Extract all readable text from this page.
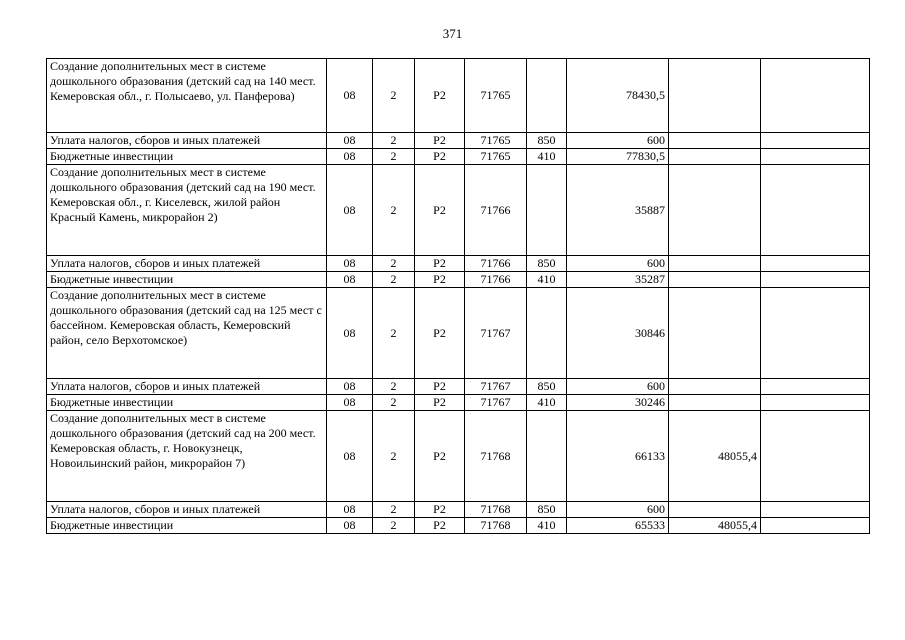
371
Создание дополнительных мест в системе дошкольного образования (детский сад на 140 мест. Кемеровская обл., г. Полысаево, ул. Панферова)	08	2	P2	71765		78430,5		
Уплата налогов, сборов и иных платежей	08	2	P2	71765	850	600		
Бюджетные инвестиции	08	2	P2	71765	410	77830,5		
Создание дополнительных мест в системе дошкольного образования (детский сад на 190 мест. Кемеровская обл., г. Киселевск, жилой район Красный Камень, микрорайон 2)	08	2	P2	71766		35887		
Уплата налогов, сборов и иных платежей	08	2	P2	71766	850	600		
Бюджетные инвестиции	08	2	P2	71766	410	35287		
Создание дополнительных мест в системе дошкольного образования (детский сад на 125 мест с бассейном. Кемеровская область, Кемеровский район, село Верхотомское)	08	2	P2	71767		30846		
Уплата налогов, сборов и иных платежей	08	2	P2	71767	850	600		
Бюджетные инвестиции	08	2	P2	71767	410	30246		
Создание дополнительных мест в системе дошкольного образования (детский сад на 200 мест. Кемеровская область, г. Новокузнецк, Новоильинский район, микрорайон 7)	08	2	P2	71768		66133	48055,4	
Уплата налогов, сборов и иных платежей	08	2	P2	71768	850	600		
Бюджетные инвестиции	08	2	P2	71768	410	65533	48055,4	
